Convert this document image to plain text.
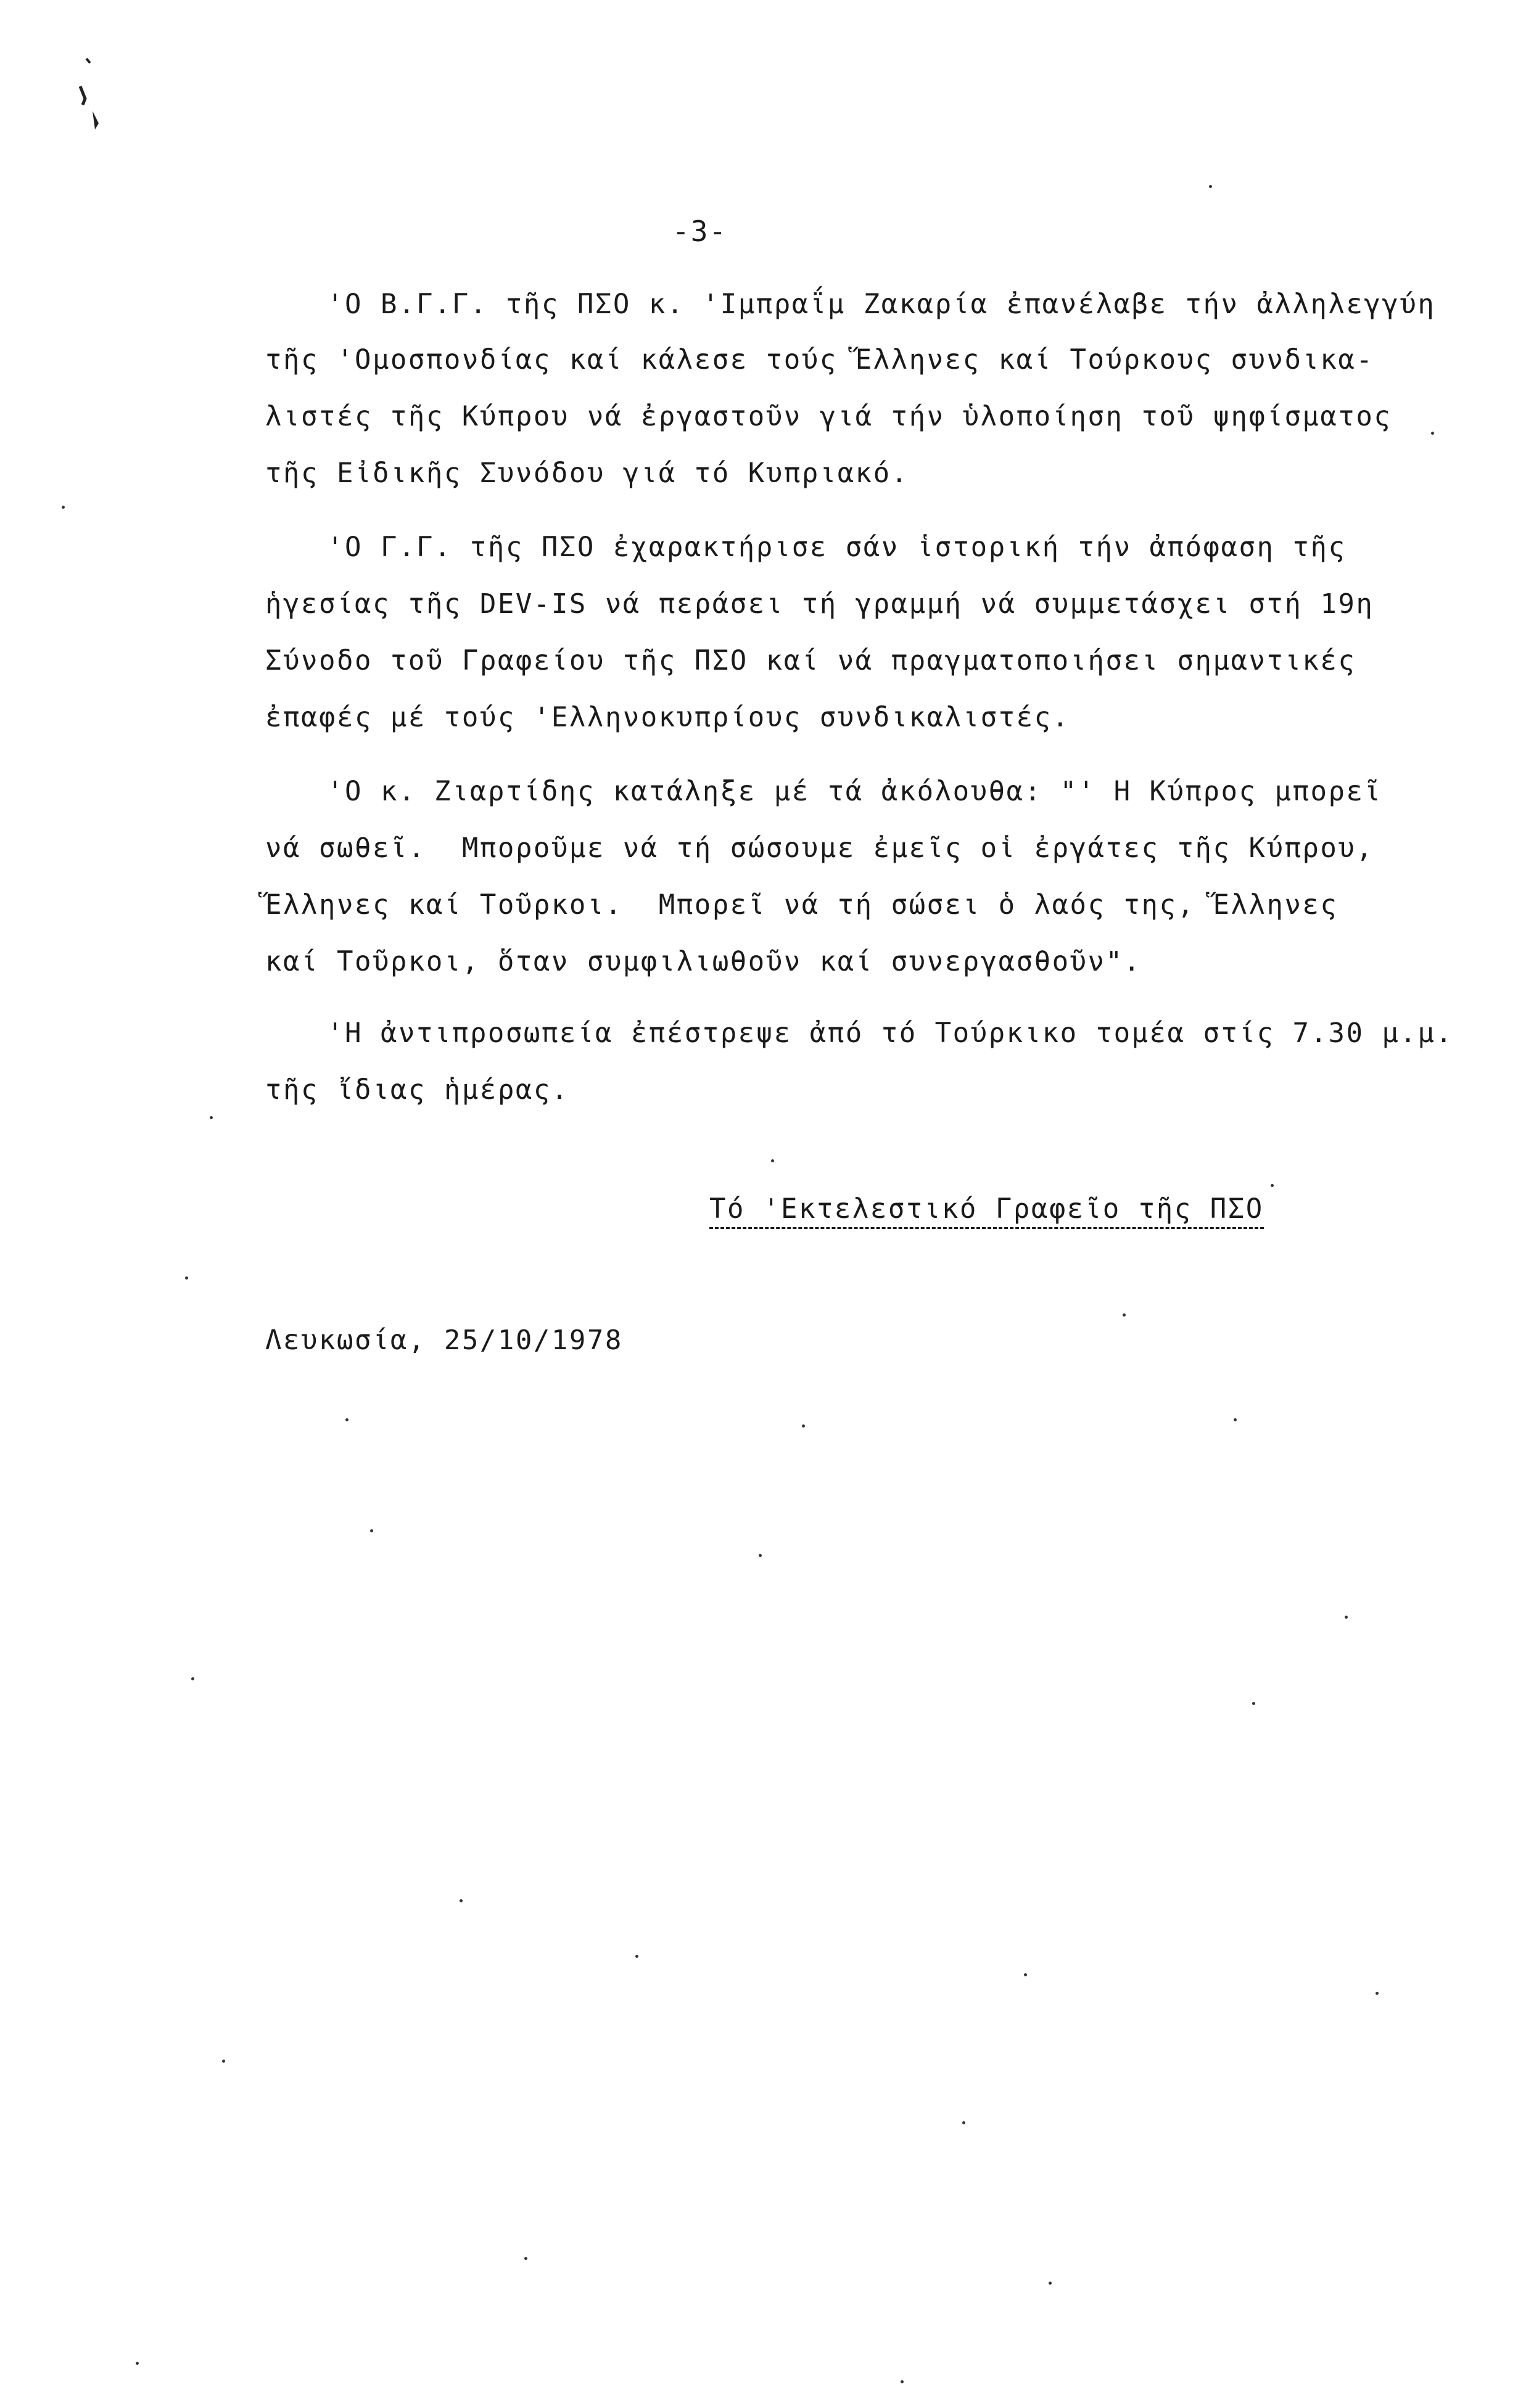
-3-
'Ο Β.Γ.Γ. τῆς ΠΣΟ κ. 'Ιμπραΐμ Ζακαρία ἐπανέλαβε τήν ἀλληλεγγύη
τῆς 'Ομοσπονδίας καί κάλεσε τούς Ἕλληνες καί Τούρκους συνδικα-
λιστές τῆς Κύπρου νά ἐργαστοῦν γιά τήν ὑλοποίηση τοῦ ψηφίσματος
τῆς Εἰδικῆς Συνόδου γιά τό Κυπριακό.
'Ο Γ.Γ. τῆς ΠΣΟ ἐχαρακτήρισε σάν ἱστορική τήν ἀπόφαση τῆς
ἡγεσίας τῆς DEV-IS νά περάσει τή γραμμή νά συμμετάσχει στή 19η
Σύνοδο τοῦ Γραφείου τῆς ΠΣΟ καί νά πραγματοποιήσει σημαντικές
ἐπαφές μέ τούς 'Ελληνοκυπρίους συνδικαλιστές.
'Ο κ. Ζιαρτίδης κατάληξε μέ τά ἀκόλουθα: "' Η Κύπρος μπορεῖ
νά σωθεῖ.  Μποροῦμε νά τή σώσουμε ἐμεῖς οἱ ἐργάτες τῆς Κύπρου,
Ἕλληνες καί Τοῦρκοι.  Μπορεῖ νά τή σώσει ὁ λαός της, Ἕλληνες
καί Τοῦρκοι, ὅταν συμφιλιωθοῦν καί συνεργασθοῦν".
'Η ἀντιπροσωπεία ἐπέστρεψε ἀπό τό Τούρκικο τομέα στίς 7.30 μ.μ.
τῆς ἴδιας ἡμέρας.
Τό 'Εκτελεστικό Γραφεῖο τῆς ΠΣΟ
Λευκωσία, 25/10/1978
